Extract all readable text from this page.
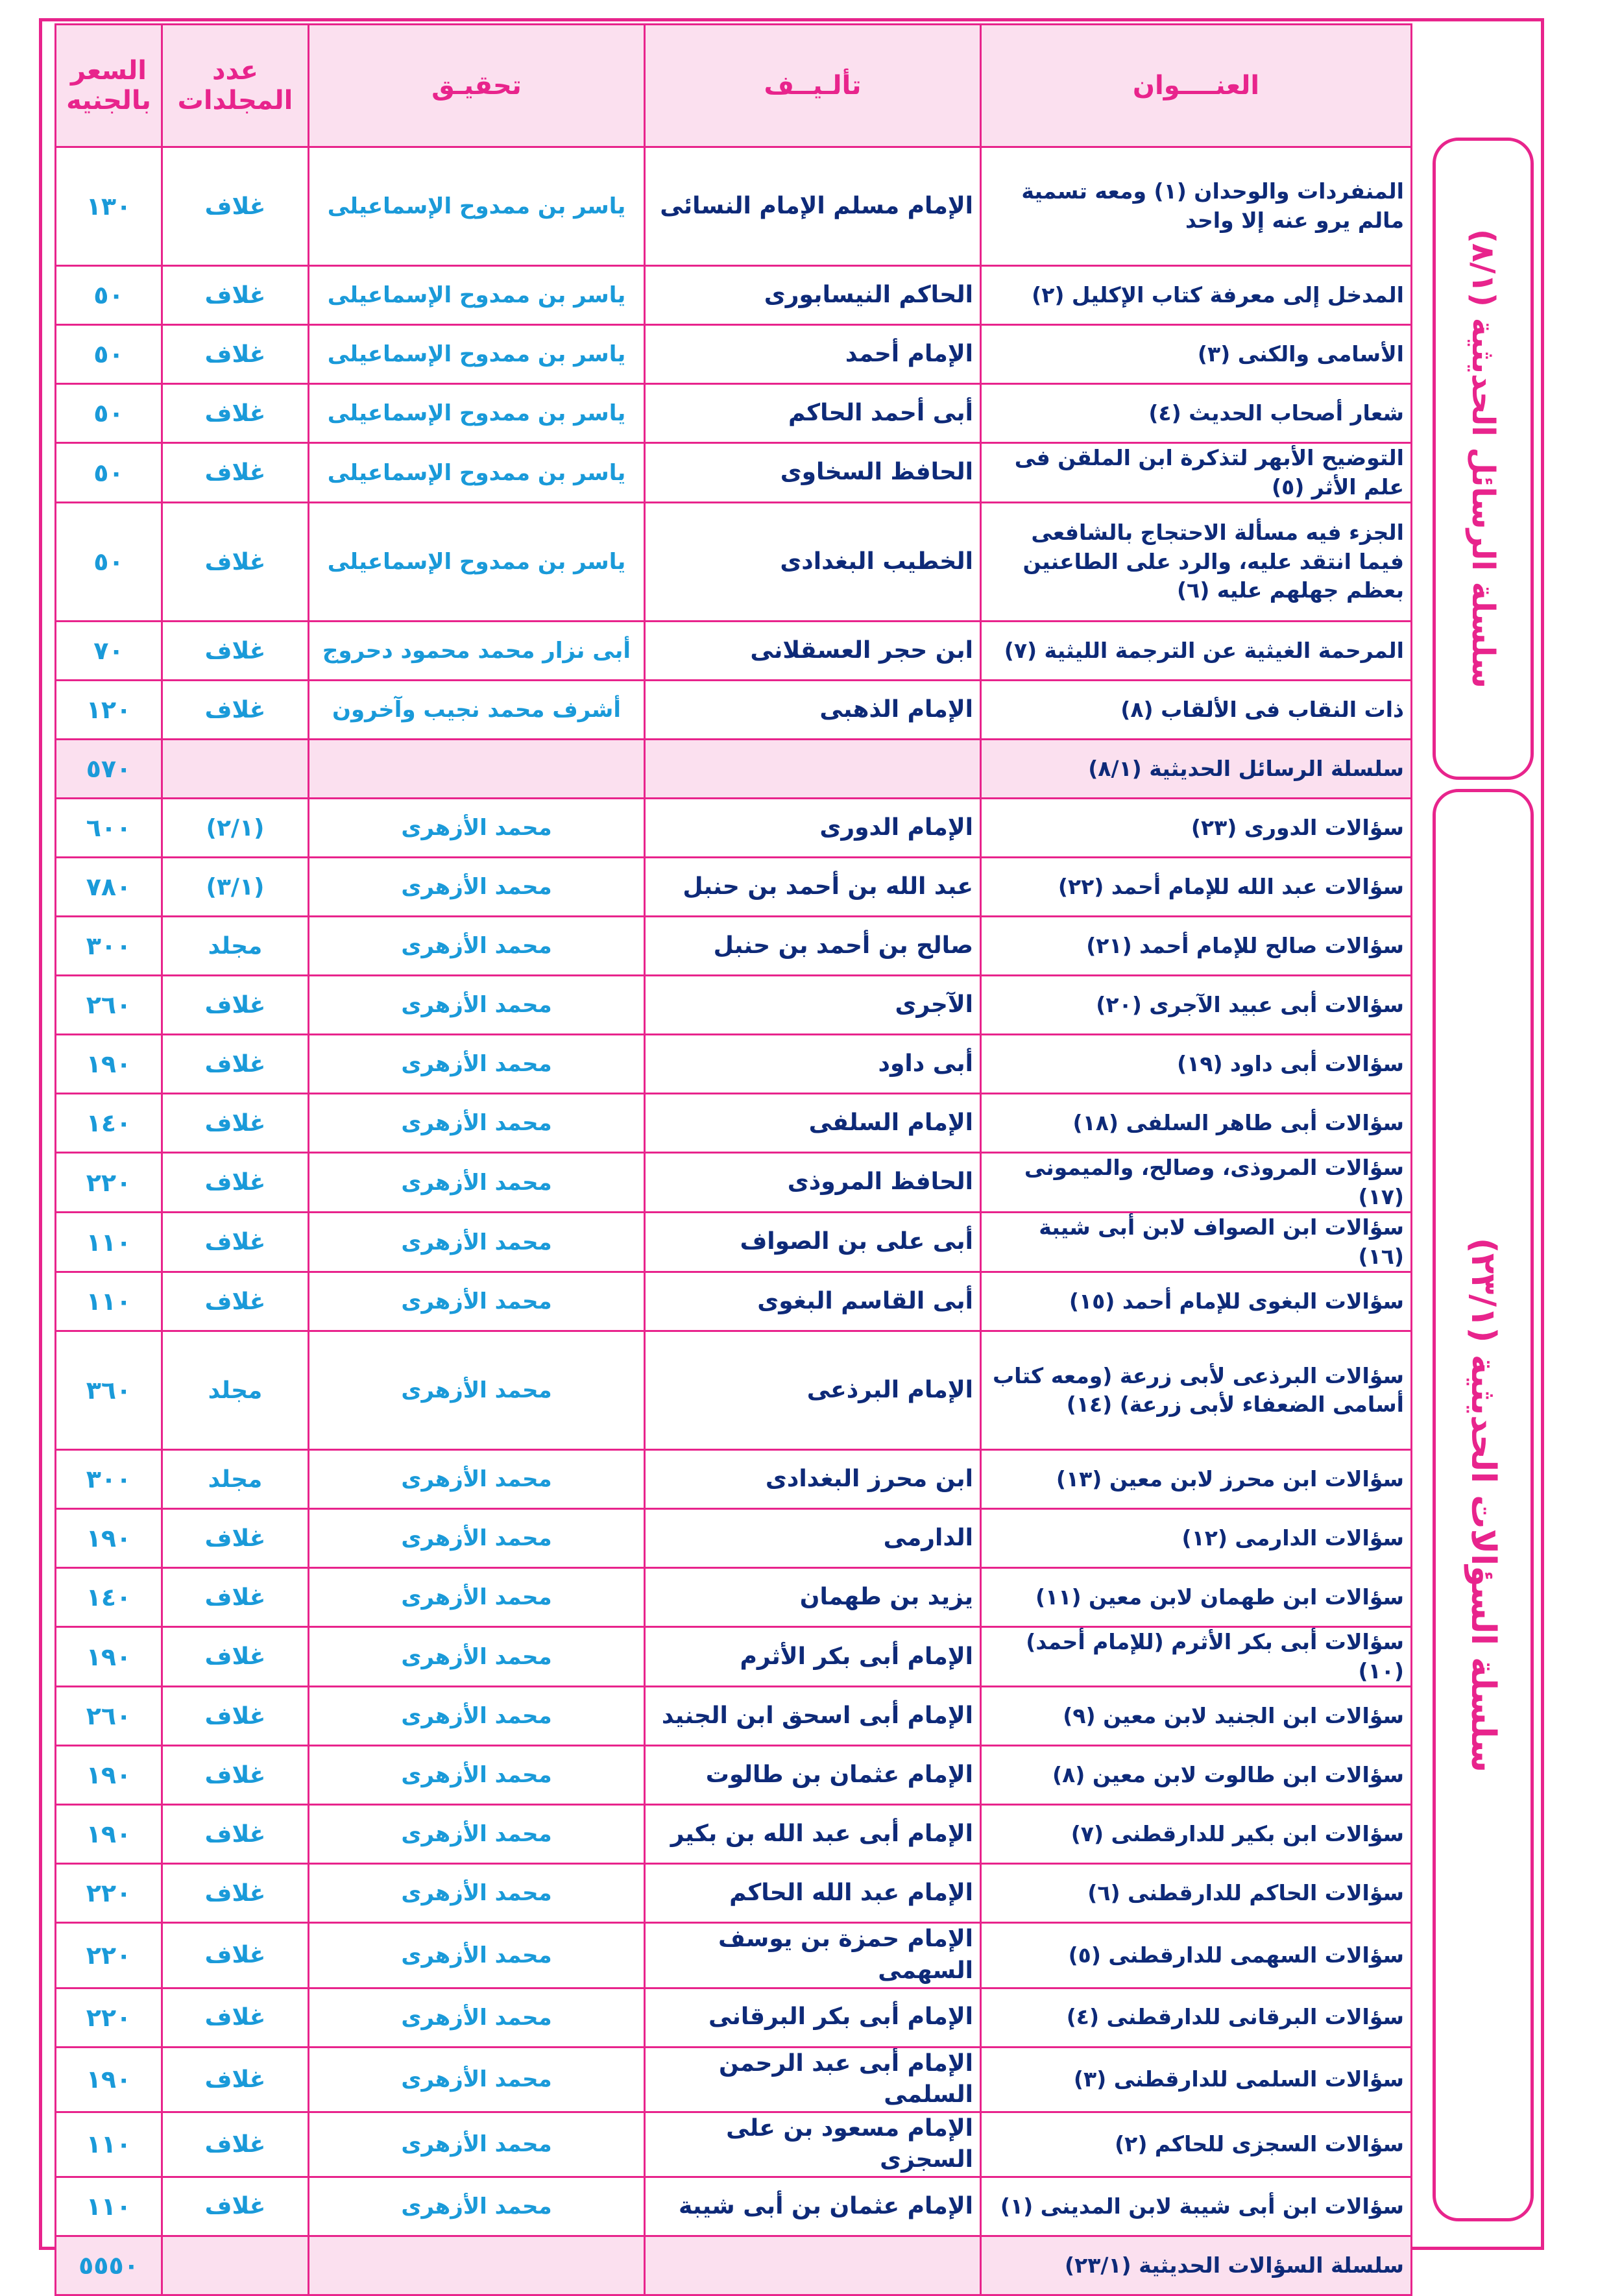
العنــــوان	تألـيــف	تحقيـق	عدد المجلدات	السعر بالجنيه
المنفردات والوحدان (١) ومعه تسمية مالم يرو عنه إلا واحد	الإمام مسلم الإمام النسائى	ياسر بن ممدوح الإسماعيلى	غلاف	١٣٠
المدخل إلى معرفة كتاب الإكليل (٢)	الحاكم النيسابورى	ياسر بن ممدوح الإسماعيلى	غلاف	٥٠
الأسامى والكنى (٣)	الإمام أحمد	ياسر بن ممدوح الإسماعيلى	غلاف	٥٠
شعار أصحاب الحديث (٤)	أبى أحمد الحاكم	ياسر بن ممدوح الإسماعيلى	غلاف	٥٠
التوضيح الأبهر لتذكرة ابن الملقن فى علم الأثر (٥)	الحافظ السخاوى	ياسر بن ممدوح الإسماعيلى	غلاف	٥٠
الجزء فيه مسألة الاحتجاج بالشافعى فيما انتقد عليه، والرد على الطاعنين بعظم جهلهم عليه (٦)	الخطيب البغدادى	ياسر بن ممدوح الإسماعيلى	غلاف	٥٠
المرحمة الغيثية عن الترجمة الليثية (٧)	ابن حجر العسقلانى	أبى نزار محمد محمود دحروج	غلاف	٧٠
ذات النقاب فى الألقاب (٨)	الإمام الذهبى	أشرف محمد نجيب وآخرون	غلاف	١٢٠
سلسلة الرسائل الحديثية (٨/١)				٥٧٠
سؤالات الدورى (٢٣)	الإمام الدورى	محمد الأزهرى	(٢/١)	٦٠٠
سؤالات عبد الله للإمام أحمد (٢٢)	عبد الله بن أحمد بن حنبل	محمد الأزهرى	(٣/١)	٧٨٠
سؤالات صالح للإمام أحمد (٢١)	صالح بن أحمد بن حنبل	محمد الأزهرى	مجلد	٣٠٠
سؤالات أبى عبيد الآجرى (٢٠)	الآجرى	محمد الأزهرى	غلاف	٢٦٠
سؤالات أبى داود (١٩)	أبى داود	محمد الأزهرى	غلاف	١٩٠
سؤالات أبى طاهر السلفى (١٨)	الإمام السلفى	محمد الأزهرى	غلاف	١٤٠
سؤالات المروذى، وصالح، والميمونى (١٧)	الحافظ المروذى	محمد الأزهرى	غلاف	٢٢٠
سؤالات ابن الصواف لابن أبى شيبة (١٦)	أبى على بن الصواف	محمد الأزهرى	غلاف	١١٠
سؤالات البغوى للإمام أحمد (١٥)	أبى القاسم البغوى	محمد الأزهرى	غلاف	١١٠
سؤالات البرذعى لأبى زرعة (ومعه كتاب أسامى الضعفاء لأبى زرعة) (١٤)	الإمام البرذعى	محمد الأزهرى	مجلد	٣٦٠
سؤالات ابن محرز لابن معين (١٣)	ابن محرز البغدادى	محمد الأزهرى	مجلد	٣٠٠
سؤالات الدارمى (١٢)	الدارمى	محمد الأزهرى	غلاف	١٩٠
سؤالات ابن طهمان لابن معين (١١)	يزيد بن طهمان	محمد الأزهرى	غلاف	١٤٠
سؤالات أبى بكر الأثرم (للإمام أحمد) (١٠)	الإمام أبى بكر الأثرم	محمد الأزهرى	غلاف	١٩٠
سؤالات ابن الجنيد لابن معين (٩)	الإمام أبى اسحق ابن الجنيد	محمد الأزهرى	غلاف	٢٦٠
سؤالات ابن طالوت لابن معين (٨)	الإمام عثمان بن طالوت	محمد الأزهرى	غلاف	١٩٠
سؤالات ابن بكير للدارقطنى (٧)	الإمام أبى عبد الله بن بكير	محمد الأزهرى	غلاف	١٩٠
سؤالات الحاكم للدارقطنى (٦)	الإمام عبد الله الحاكم	محمد الأزهرى	غلاف	٢٢٠
سؤالات السهمى للدارقطنى (٥)	الإمام حمزة بن يوسف السهمى	محمد الأزهرى	غلاف	٢٢٠
سؤالات البرقانى للدارقطنى (٤)	الإمام أبى بكر البرقانى	محمد الأزهرى	غلاف	٢٢٠
سؤالات السلمى للدارقطنى (٣)	الإمام أبى عبد الرحمن السلمى	محمد الأزهرى	غلاف	١٩٠
سؤالات السجزى للحاكم (٢)	الإمام مسعود بن على السجزى	محمد الأزهرى	غلاف	١١٠
سؤالات ابن أبى شيبة لابن المدينى (١)	الإمام عثمان بن أبى شيبة	محمد الأزهرى	غلاف	١١٠
سلسلة السؤالات الحديثية (٢٣/١)				٥٥٥٠
سلسلة الرسائل الحديثية (٨/١)
سلسلة السؤالات الحديثية (٢٣/١)
